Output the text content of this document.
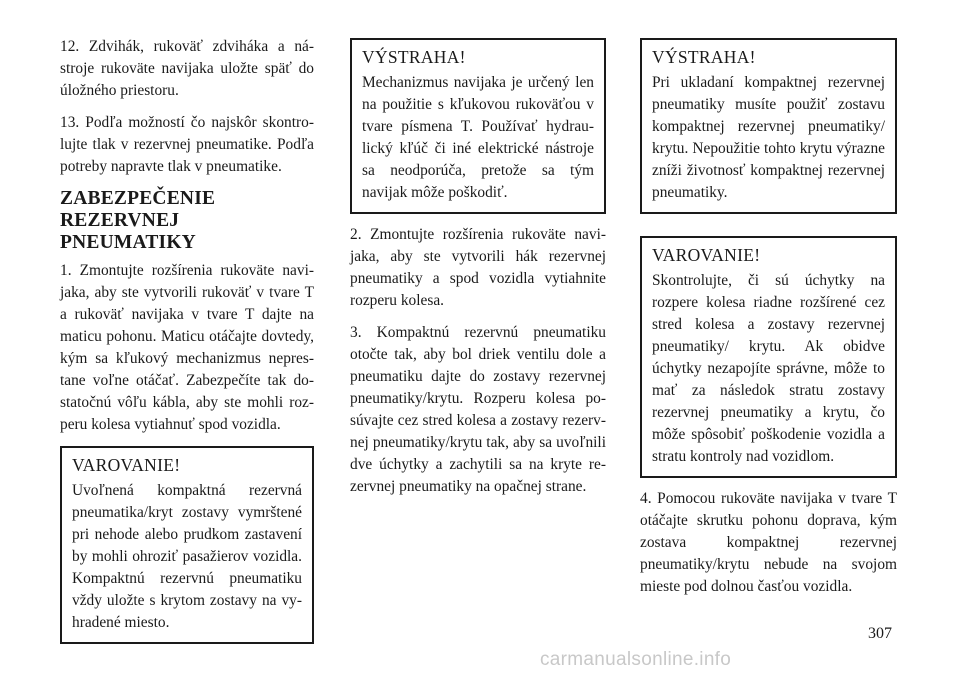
12. Zdvihák, rukoväť zdviháka a nástroje rukoväte navijaka uložte späť do úložného priestoru.

13. Podľa možností čo najskôr skontrolujte tlak v rezervnej pneumatike. Podľa potreby napravte tlak v pneumatike.

ZABEZPEČENIE
REZERVNEJ
PNEUMATIKY

1. Zmontujte rozšírenia rukoväte navijaka, aby ste vytvorili rukoväť v tvare T a rukoväť navijaka v tvare T dajte na maticu pohonu. Maticu otáčajte dovtedy, kým sa kľukový mechanizmus neprestane voľne otáčať. Zabezpečíte tak dostatočnú vôľu kábla, aby ste mohli rozperu kolesa vytiahnuť spod vozidla.

VAROVANIE!

Uvoľnená kompaktná rezervná pneumatika/kryt zostavy vymrštené pri nehode alebo prudkom zastavení by mohli ohroziť pasažierov vozidla. Kompaktnú rezervnú pneumatiku vždy uložte s krytom zostavy na vyhradené miesto.

VÝSTRAHA!

Mechanizmus navijaka je určený len na použitie s kľukovou rukoväťou v tvare písmena T. Používať hydraulický kľúč či iné elektrické nástroje sa neodporúča, pretože sa tým navijak môže poškodiť.

2. Zmontujte rozšírenia rukoväte navijaka, aby ste vytvorili hák rezervnej pneumatiky a spod vozidla vytiahnite rozperu kolesa.

3. Kompaktnú rezervnú pneumatiku otočte tak, aby bol driek ventilu dole a pneumatiku dajte do zostavy rezervnej pneumatiky/krytu. Rozperu kolesa posúvajte cez stred kolesa a zostavy rezervnej pneumatiky/krytu tak, aby sa uvoľnili dve úchytky a zachytili sa na kryte rezervnej pneumatiky na opačnej strane.

VÝSTRAHA!

Pri ukladaní kompaktnej rezervnej pneumatiky musíte použiť zostavu kompaktnej rezervnej pneumatiky/ krytu. Nepoužitie tohto krytu výrazne zníži životnosť kompaktnej rezervnej pneumatiky.

VAROVANIE!

Skontrolujte, či sú úchytky na rozpere kolesa riadne rozšírené cez stred kolesa a zostavy rezervnej pneumatiky/ krytu. Ak obidve úchytky nezapojíte správne, môže to mať za následok stratu zostavy rezervnej pneumatiky a krytu, čo môže spôsobiť poškodenie vozidla a stratu kontroly nad vozidlom.

4. Pomocou rukoväte navijaka v tvare T otáčajte skrutku pohonu doprava, kým zostava kompaktnej rezervnej pneumatiky/krytu nebude na svojom mieste pod dolnou časťou vozidla.

307
carmanualsonline.info
